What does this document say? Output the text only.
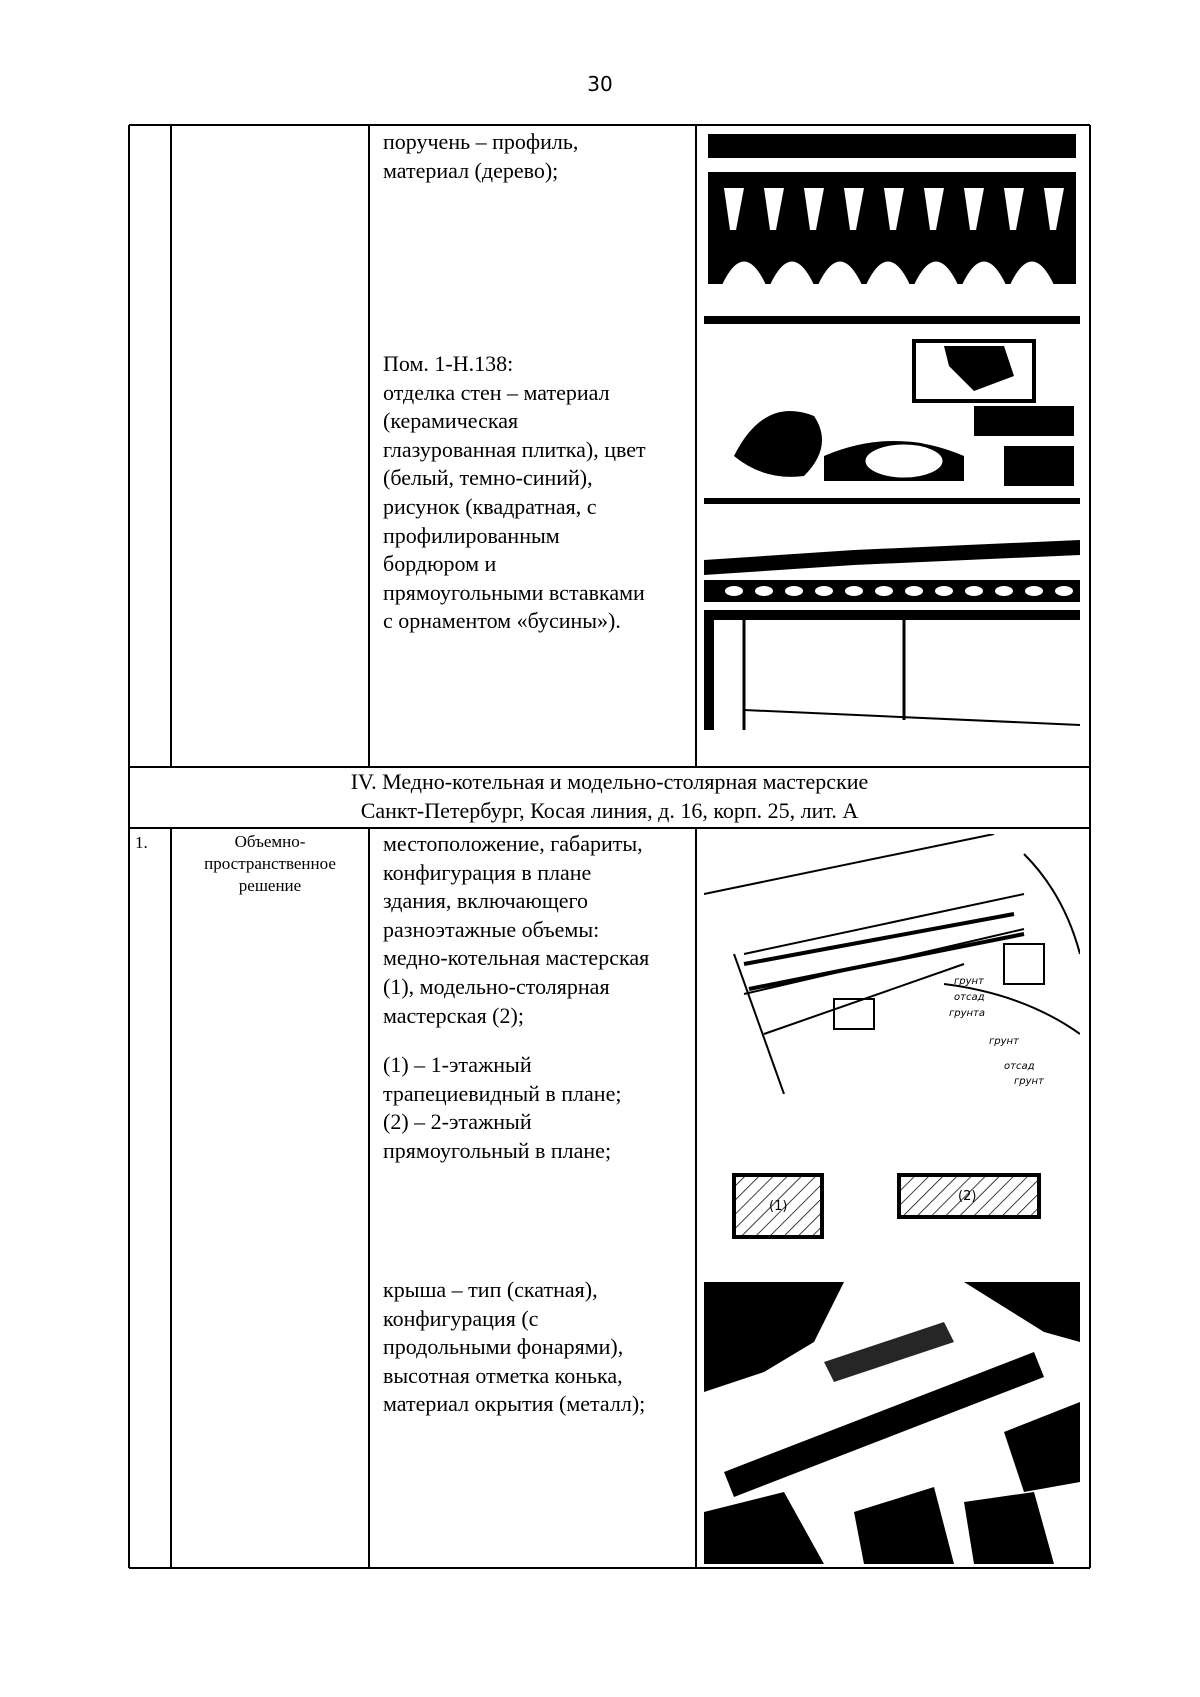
30
поручень – профиль,
материал (дерево);
Пом. 1-Н.138:
отделка стен – материал
(керамическая
глазурованная плитка), цвет
(белый, темно-синий),
рисунок (квадратная, с
профилированным
бордюром и
прямоугольными вставками
с орнаментом «бусины»).
IV. Медно-котельная и модельно-столярная мастерские
Санкт-Петербург, Косая линия, д. 16, корп. 25, лит. А
1.	Объемно-
пространственное
решение
местоположение, габариты,
конфигурация в плане
здания, включающего
разноэтажные объемы:
медно-котельная мастерская
(1), модельно-столярная
мастерская (2);
(1) – 1-этажный
трапециевидный в плане;
(2) – 2-этажный
прямоугольный в плане;
крыша – тип (скатная),
конфигурация (с
продольными фонарями),
высотная отметка конька,
материал окрытия (металл);
грунт
отсад
грунта
грунт
отсад
грунт
(1)
(2)
